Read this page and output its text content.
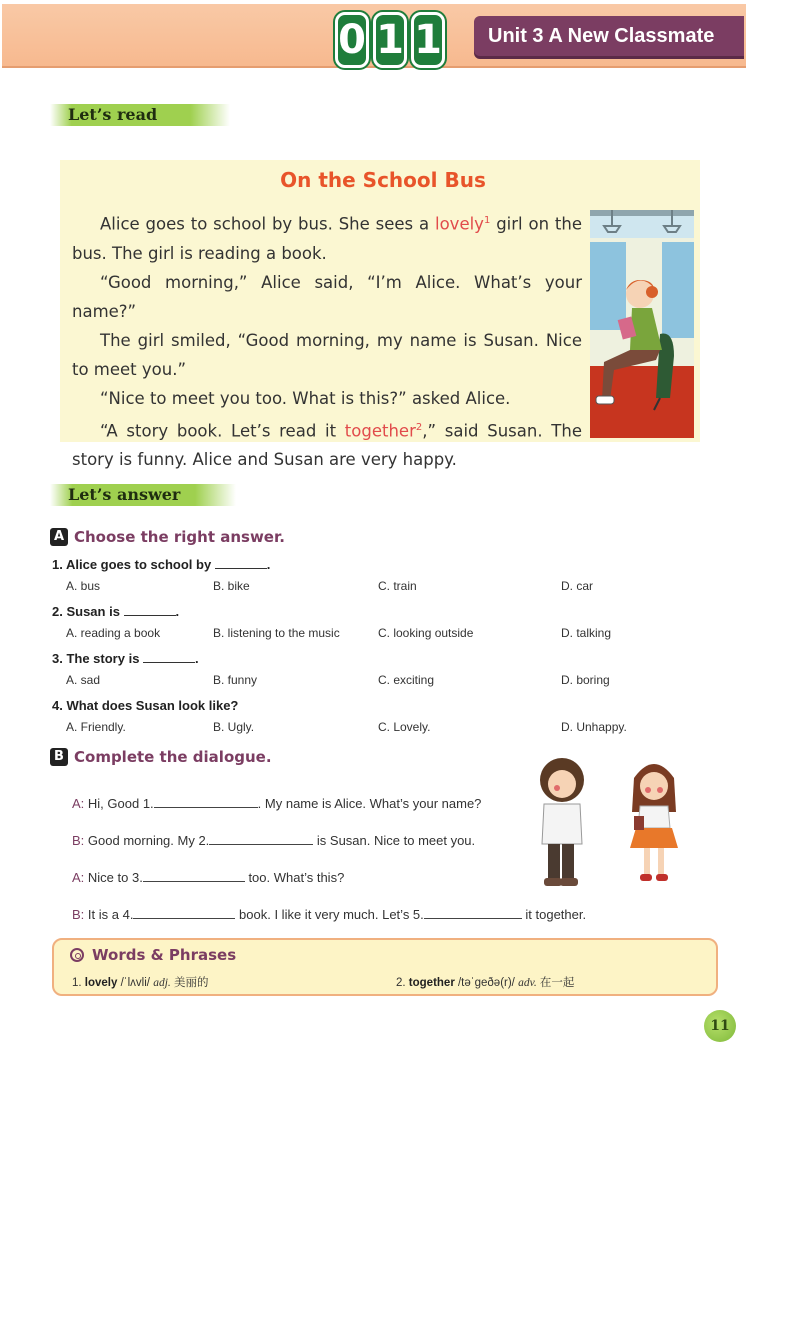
0 1 1	Unit 3 A New Classmate
Let’s read
On the School Bus

Alice goes to school by bus. She sees a lovely$^1$ girl on the bus. The girl is reading a book.

“Good morning,” Alice said, “I’m Alice. What’s your name?”

The girl smiled, “Good morning, my name is Susan. Nice to meet you.”

“Nice to meet you too. What is this?” asked Alice.

“A story book. Let’s read it together$^2$,” said Susan. The story is funny. Alice and Susan are very happy.

Let’s answer
A Choose the right answer.
1. Alice goes to school by	.
A. bus	B. bike	C. train	D. car
2. Susan is	.
A. reading a book	B. listening to the music	C. looking outside	D. talking
3. The story is	.
A. sad	B. funny	C. exciting	D. boring
4. What does Susan look like?
A. Friendly.	B. Ugly.	C. Lovely.	D. Unhappy.
B Complete the dialogue.
A: Hi, Good 1.	. My name is Alice. What’s your name?
B: Good morning. My 2.	is Susan. Nice to meet you.
A: Nice to 3.	too. What’s this?
B: It is a 4.	book. I like it very much. Let’s 5.	it together.
Words & Phrases
1. lovely /ˈlʌvli/ adj. 美丽的	2. together /təˈɡeðə(r)/ adv. 在一起
11
